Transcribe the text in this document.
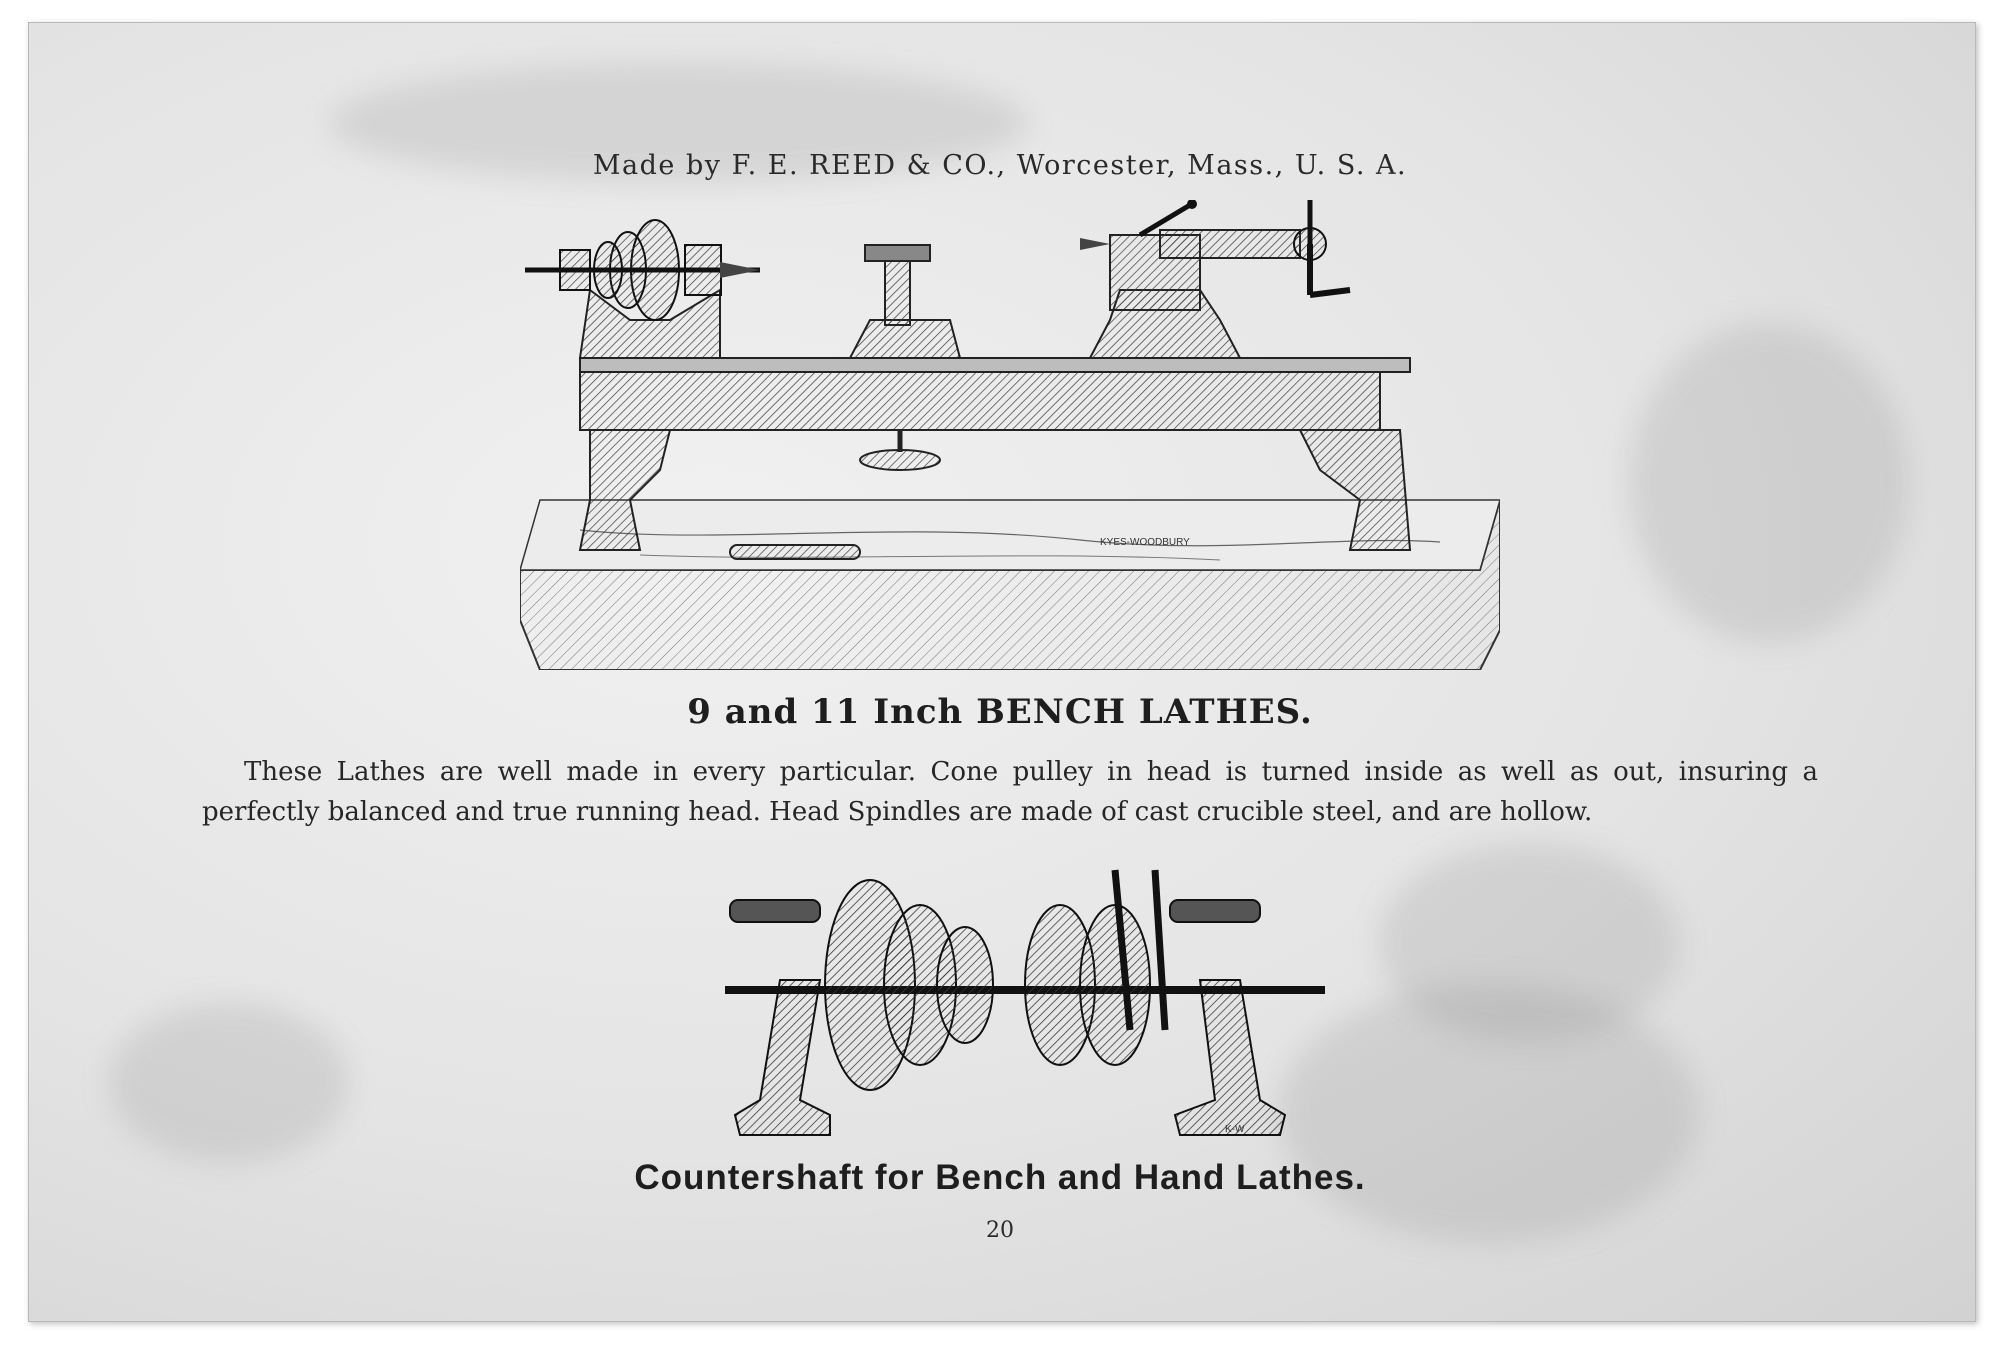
Made by F. E. REED & CO., Worcester, Mass., U. S. A.
KYES-WOODBURY
9 and 11 Inch BENCH LATHES.
These Lathes are well made in every particular. Cone pulley in head is turned inside as well as out, insuring a perfectly balanced and true running head. Head Spindles are made of cast crucible steel, and are hollow.
K-W
Countershaft for Bench and Hand Lathes.
20
